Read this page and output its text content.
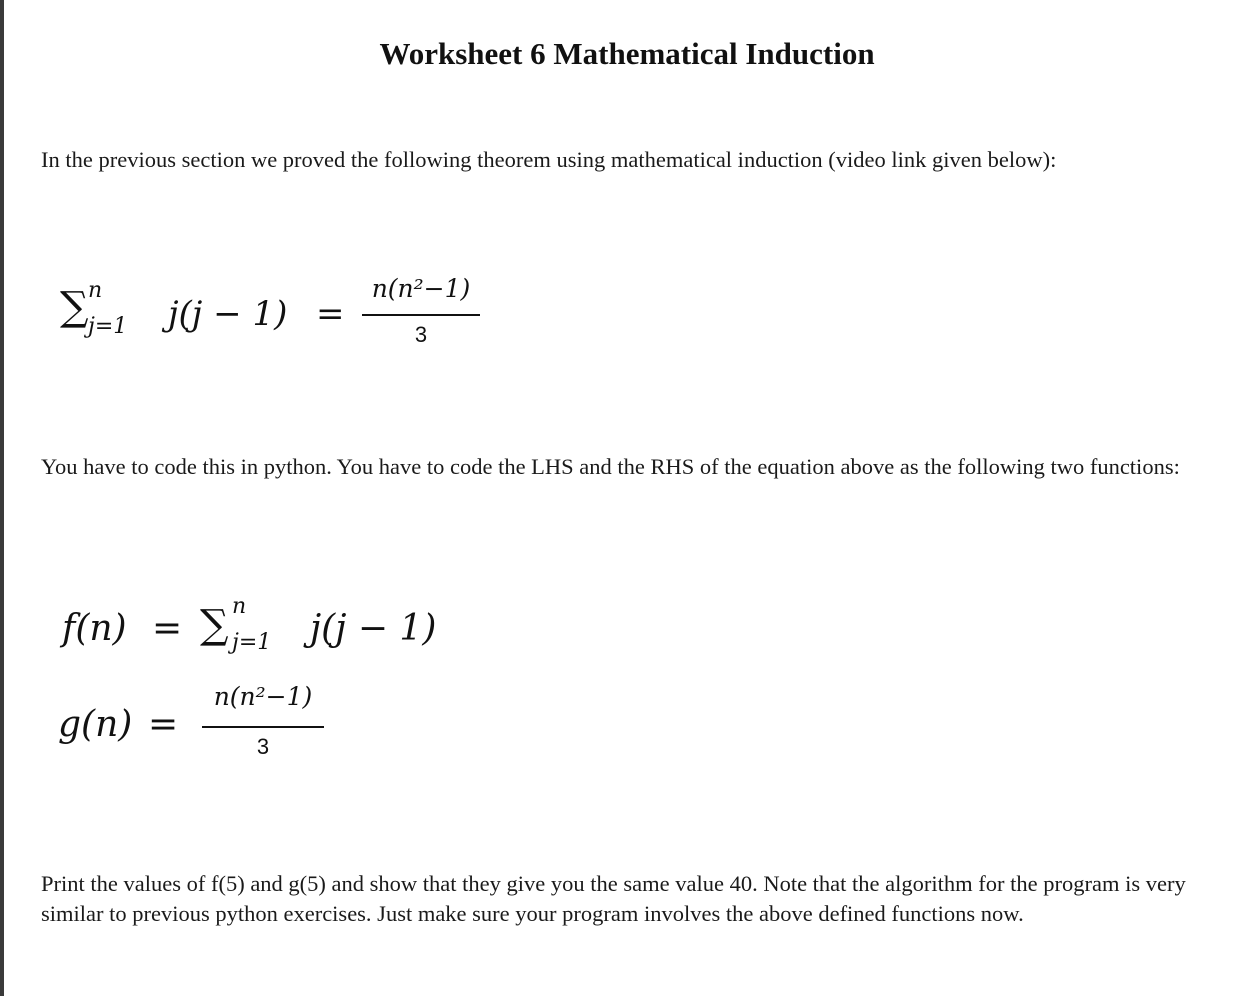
Worksheet 6 Mathematical Induction
In the previous section we proved the following theorem using mathematical induction (video link given below):
∑ n
j=1 j(j − 1) =
n(n²−1)
3
You have to code this in python. You have to code the LHS and the RHS of the equation above as the following two functions:
f(n) = ∑ n
j=1 j(j − 1)
g(n) =
n(n²−1)
3
Print the values of f(5) and g(5) and show that they give you the same value 40. Note that the algorithm for the program is very similar to previous python exercises. Just make sure your program involves the above defined functions now.
